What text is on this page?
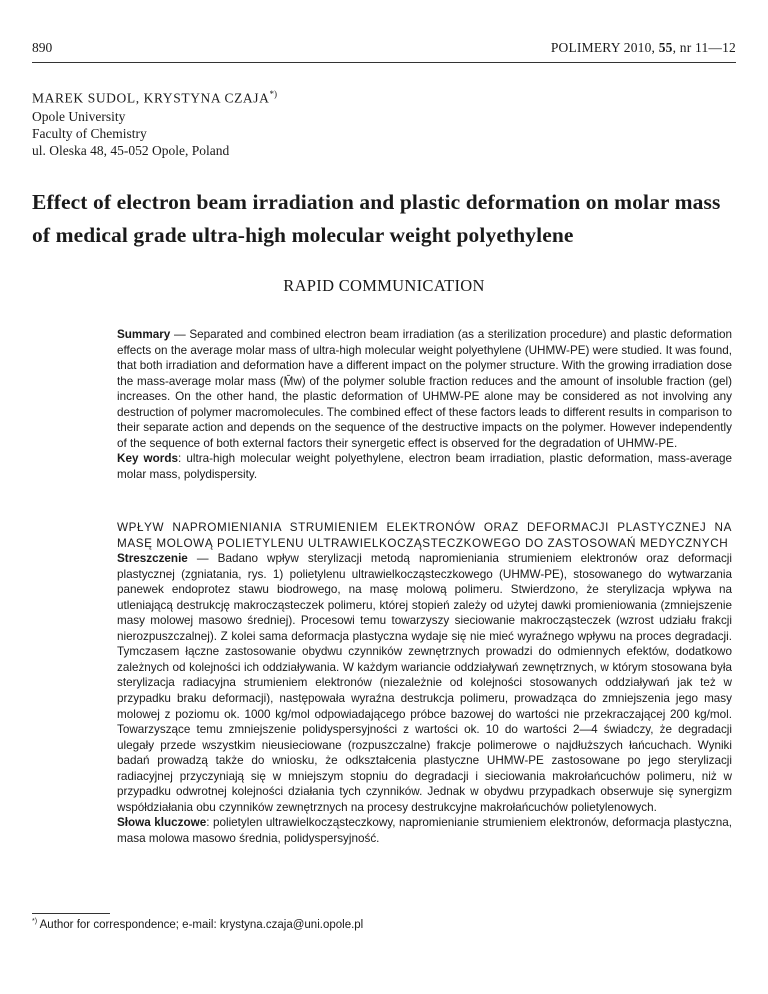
890	POLIMERY 2010, 55, nr 11—12
MAREK SUDOL, KRYSTYNA CZAJA*)
Opole University
Faculty of Chemistry
ul. Oleska 48, 45-052 Opole, Poland
Effect of electron beam irradiation and plastic deformation on molar mass of medical grade ultra-high molecular weight polyethylene
RAPID COMMUNICATION

Summary — Separated and combined electron beam irradiation (as a sterilization procedure) and plastic deformation effects on the average molar mass of ultra-high molecular weight polyethylene (UHMW-PE) were studied. It was found, that both irradiation and deformation have a different impact on the polymer structure. With the growing irradiation dose the mass-average molar mass (M̄w) of the polymer soluble fraction reduces and the amount of insoluble fraction (gel) increases. On the other hand, the plastic deformation of UHMW-PE alone may be considered as not involving any destruction of polymer macromolecules. The combined effect of these factors leads to different results in comparison to their separate action and depends on the sequence of the destructive impacts on the polymer. However independently of the sequence of both external factors their synergetic effect is observed for the degradation of UHMW-PE.

Key words: ultra-high molecular weight polyethylene, electron beam irradiation, plastic deformation, mass-average molar mass, polydispersity.

WPŁYW NAPROMIENIANIA STRUMIENIEM ELEKTRONÓW ORAZ DEFORMACJI PLASTYCZNEJ NA MASĘ MOLOWĄ POLIETYLENU ULTRAWIELKOCZĄSTECZKOWEGO DO ZASTOSOWAŃ MEDYCZNYCH

Streszczenie — Badano wpływ sterylizacji metodą napromieniania strumieniem elektronów oraz deformacji plastycznej (zgniatania, rys. 1) polietylenu ultrawielkocząsteczkowego (UHMW-PE), stosowanego do wytwarzania panewek endoprotez stawu biodrowego, na masę molową polimeru. Stwierdzono, że sterylizacja wpływa na utleniającą destrukcję makrocząsteczek polimeru, której stopień zależy od użytej dawki promieniowania (zmniejszenie masy molowej masowo średniej). Procesowi temu towarzyszy sieciowanie makrocząsteczek (wzrost udziału frakcji nierozpuszczalnej). Z kolei sama deformacja plastyczna wydaje się nie mieć wyraźnego wpływu na proces degradacji. Tymczasem łączne zastosowanie obydwu czynników zewnętrznych prowadzi do odmiennych efektów, dodatkowo zależnych od kolejności ich oddziaływania. W każdym wariancie oddziaływań zewnętrznych, w którym stosowana była sterylizacja radiacyjna strumieniem elektronów (niezależnie od kolejności stosowanych oddziaływań jak też w przypadku braku deformacji), następowała wyraźna destrukcja polimeru, prowadząca do zmniejszenia jego masy molowej z poziomu ok. 1000 kg/mol odpowiadającego próbce bazowej do wartości nie przekraczającej 200 kg/mol. Towarzyszące temu zmniejszenie polidyspersyjności z wartości ok. 10 do wartości 2—4 świadczy, że degradacji ulegały przede wszystkim nieusieciowane (rozpuszczalne) frakcje polimerowe o najdłuższych łańcuchach. Wyniki badań prowadzą także do wniosku, że odkształcenia plastyczne UHMW-PE zastosowane po jego sterylizacji radiacyjnej przyczyniają się w mniejszym stopniu do degradacji i sieciowania makrołańcuchów polimeru, niż w przypadku odwrotnej kolejności działania tych czynników. Jednak w obydwu przypadkach obserwuje się synergizm współdziałania obu czynników zewnętrznych na procesy destrukcyjne makrołańcuchów polietylenowych.

Słowa kluczowe: polietylen ultrawielkocząsteczkowy, napromienianie strumieniem elektronów, deformacja plastyczna, masa molowa masowo średnia, polidyspersyjność.

*) Author for correspondence; e-mail: krystyna.czaja@uni.opole.pl
